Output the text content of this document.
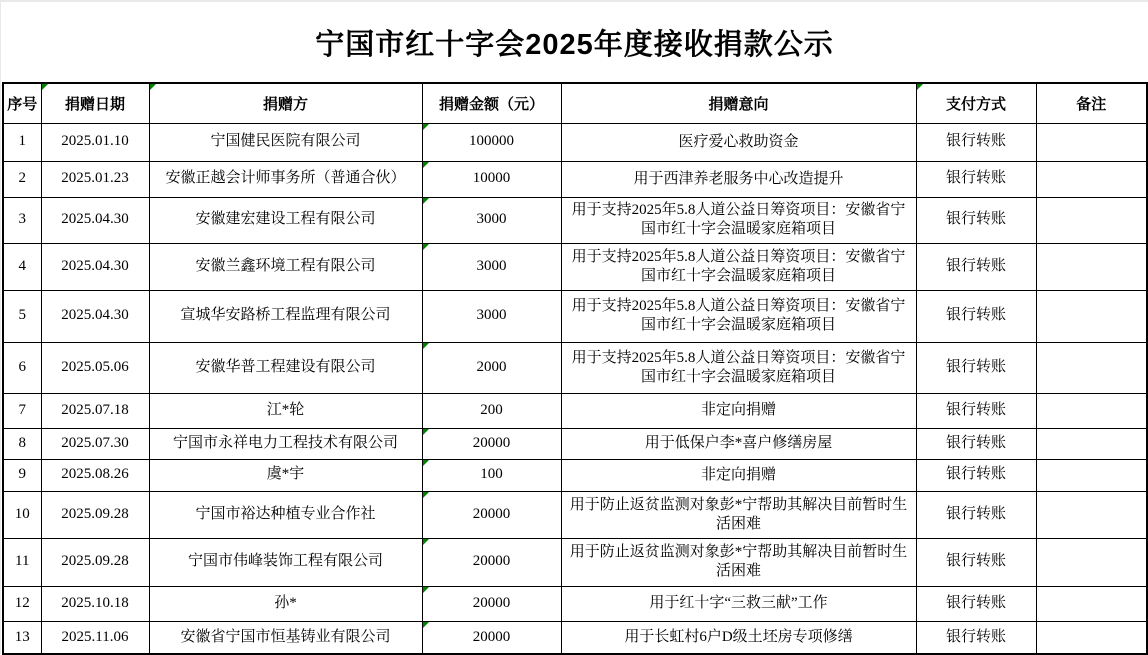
宁国市红十字会2025年度接收捐款公示
序号	捐赠日期	捐赠方	捐赠金额（元）	捐赠意向	支付方式	备注
1	2025.01.10	宁国健民医院有限公司	100000	医疗爱心救助资金	银行转账	
2	2025.01.23	安徽正越会计师事务所（普通合伙）	10000	用于西津养老服务中心改造提升	银行转账	
3	2025.04.30	安徽建宏建设工程有限公司	3000	用于支持2025年5.8人道公益日筹资项目：安徽省宁国市红十字会温暖家庭箱项目	银行转账	
4	2025.04.30	安徽兰鑫环境工程有限公司	3000	用于支持2025年5.8人道公益日筹资项目：安徽省宁国市红十字会温暖家庭箱项目	银行转账	
5	2025.04.30	宣城华安路桥工程监理有限公司	3000	用于支持2025年5.8人道公益日筹资项目：安徽省宁国市红十字会温暖家庭箱项目	银行转账	
6	2025.05.06	安徽华普工程建设有限公司	2000	用于支持2025年5.8人道公益日筹资项目：安徽省宁国市红十字会温暖家庭箱项目	银行转账	
7	2025.07.18	江*轮	200	非定向捐赠	银行转账	
8	2025.07.30	宁国市永祥电力工程技术有限公司	20000	用于低保户李*喜户修缮房屋	银行转账	
9	2025.08.26	虞*宇	100	非定向捐赠	银行转账	
10	2025.09.28	宁国市裕达种植专业合作社	20000	用于防止返贫监测对象彭*宁帮助其解决目前暂时生活困难	银行转账	
11	2025.09.28	宁国市伟峰装饰工程有限公司	20000	用于防止返贫监测对象彭*宁帮助其解决目前暂时生活困难	银行转账	
12	2025.10.18	孙*	20000	用于红十字“三救三献”工作	银行转账	
13	2025.11.06	安徽省宁国市恒基铸业有限公司	20000	用于长虹村6户D级土坯房专项修缮	银行转账	
